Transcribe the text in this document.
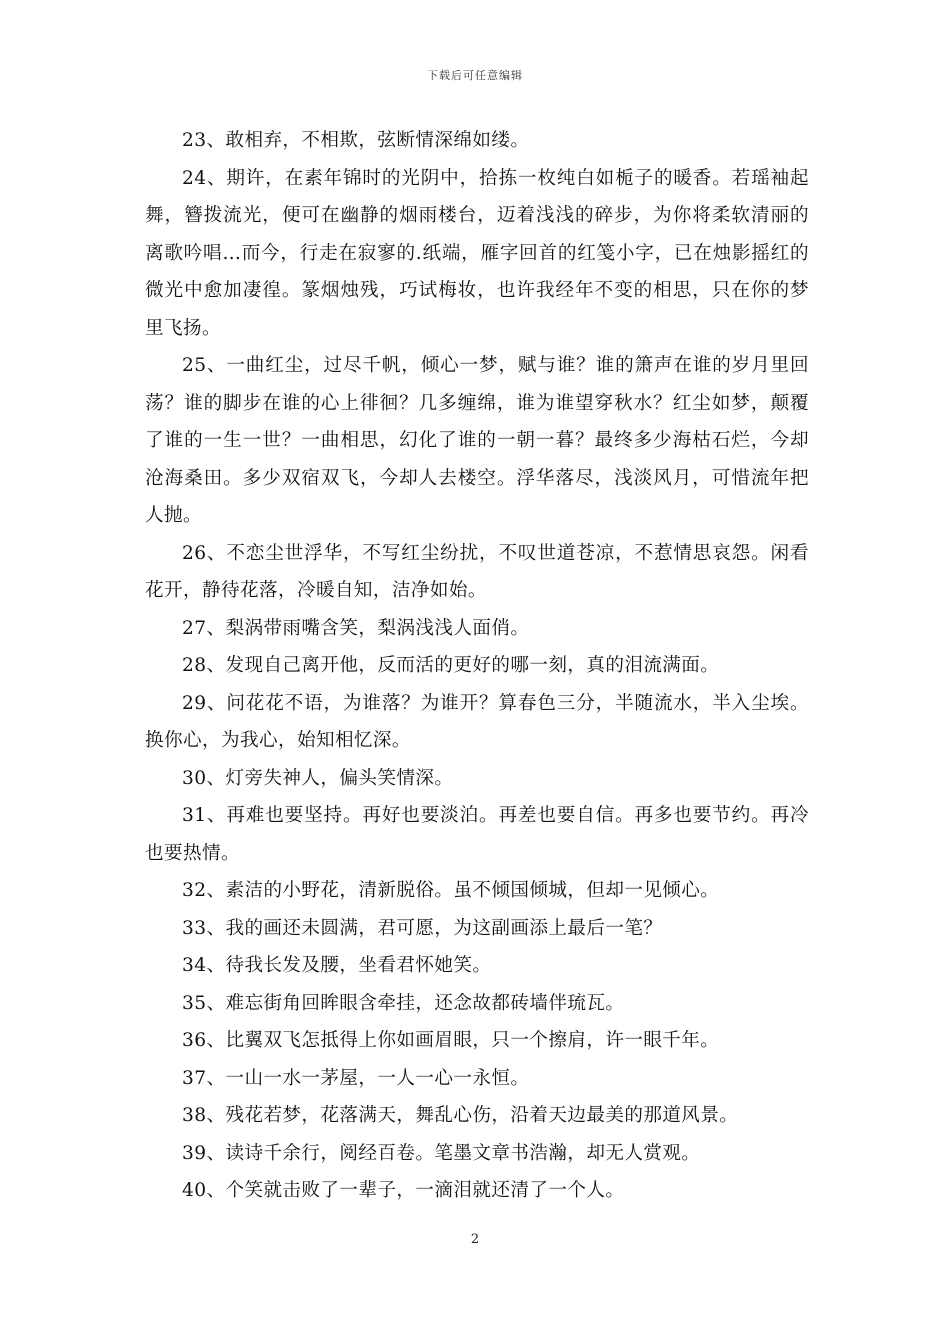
下载后可任意编辑

23、敢相弃，不相欺，弦断情深绵如缕。

24、期许，在素年锦时的光阴中，拾拣一枚纯白如栀子的暖香。若瑶袖起舞，簪拨流光，便可在幽静的烟雨楼台，迈着浅浅的碎步，为你将柔软清丽的离歌吟唱…而今，行走在寂寥的.纸端，雁字回首的红笺小字，已在烛影摇红的微光中愈加凄徨。篆烟烛残，巧试梅妆，也许我经年不变的相思，只在你的梦里飞扬。

25、一曲红尘，过尽千帆，倾心一梦，赋与谁？谁的箫声在谁的岁月里回荡？谁的脚步在谁的心上徘徊？几多缠绵，谁为谁望穿秋水？红尘如梦，颠覆了谁的一生一世？一曲相思，幻化了谁的一朝一暮？最终多少海枯石烂，今却沧海桑田。多少双宿双飞，今却人去楼空。浮华落尽，浅淡风月，可惜流年把人抛。

26、不恋尘世浮华，不写红尘纷扰，不叹世道苍凉，不惹情思哀怨。闲看花开，静待花落，冷暖自知，洁净如始。

27、梨涡带雨嘴含笑，梨涡浅浅人面俏。

28、发现自己离开他，反而活的更好的哪一刻，真的泪流满面。

29、问花花不语，为谁落？为谁开？算春色三分，半随流水，半入尘埃。换你心，为我心，始知相忆深。

30、灯旁失神人，偏头笑情深。

31、再难也要坚持。再好也要淡泊。再差也要自信。再多也要节约。再冷也要热情。

32、素洁的小野花，清新脱俗。虽不倾国倾城，但却一见倾心。

33、我的画还未圆满，君可愿，为这副画添上最后一笔？

34、待我长发及腰，坐看君怀她笑。

35、难忘街角回眸眼含牵挂，还念故都砖墙伴琉瓦。

36、比翼双飞怎抵得上你如画眉眼，只一个擦肩，许一眼千年。

37、一山一水一茅屋，一人一心一永恒。

38、残花若梦，花落满天，舞乱心伤，沿着天边最美的那道风景。

39、读诗千余行，阅经百卷。笔墨文章书浩瀚，却无人赏观。

40、个笑就击败了一辈子，一滴泪就还清了一个人。

2
